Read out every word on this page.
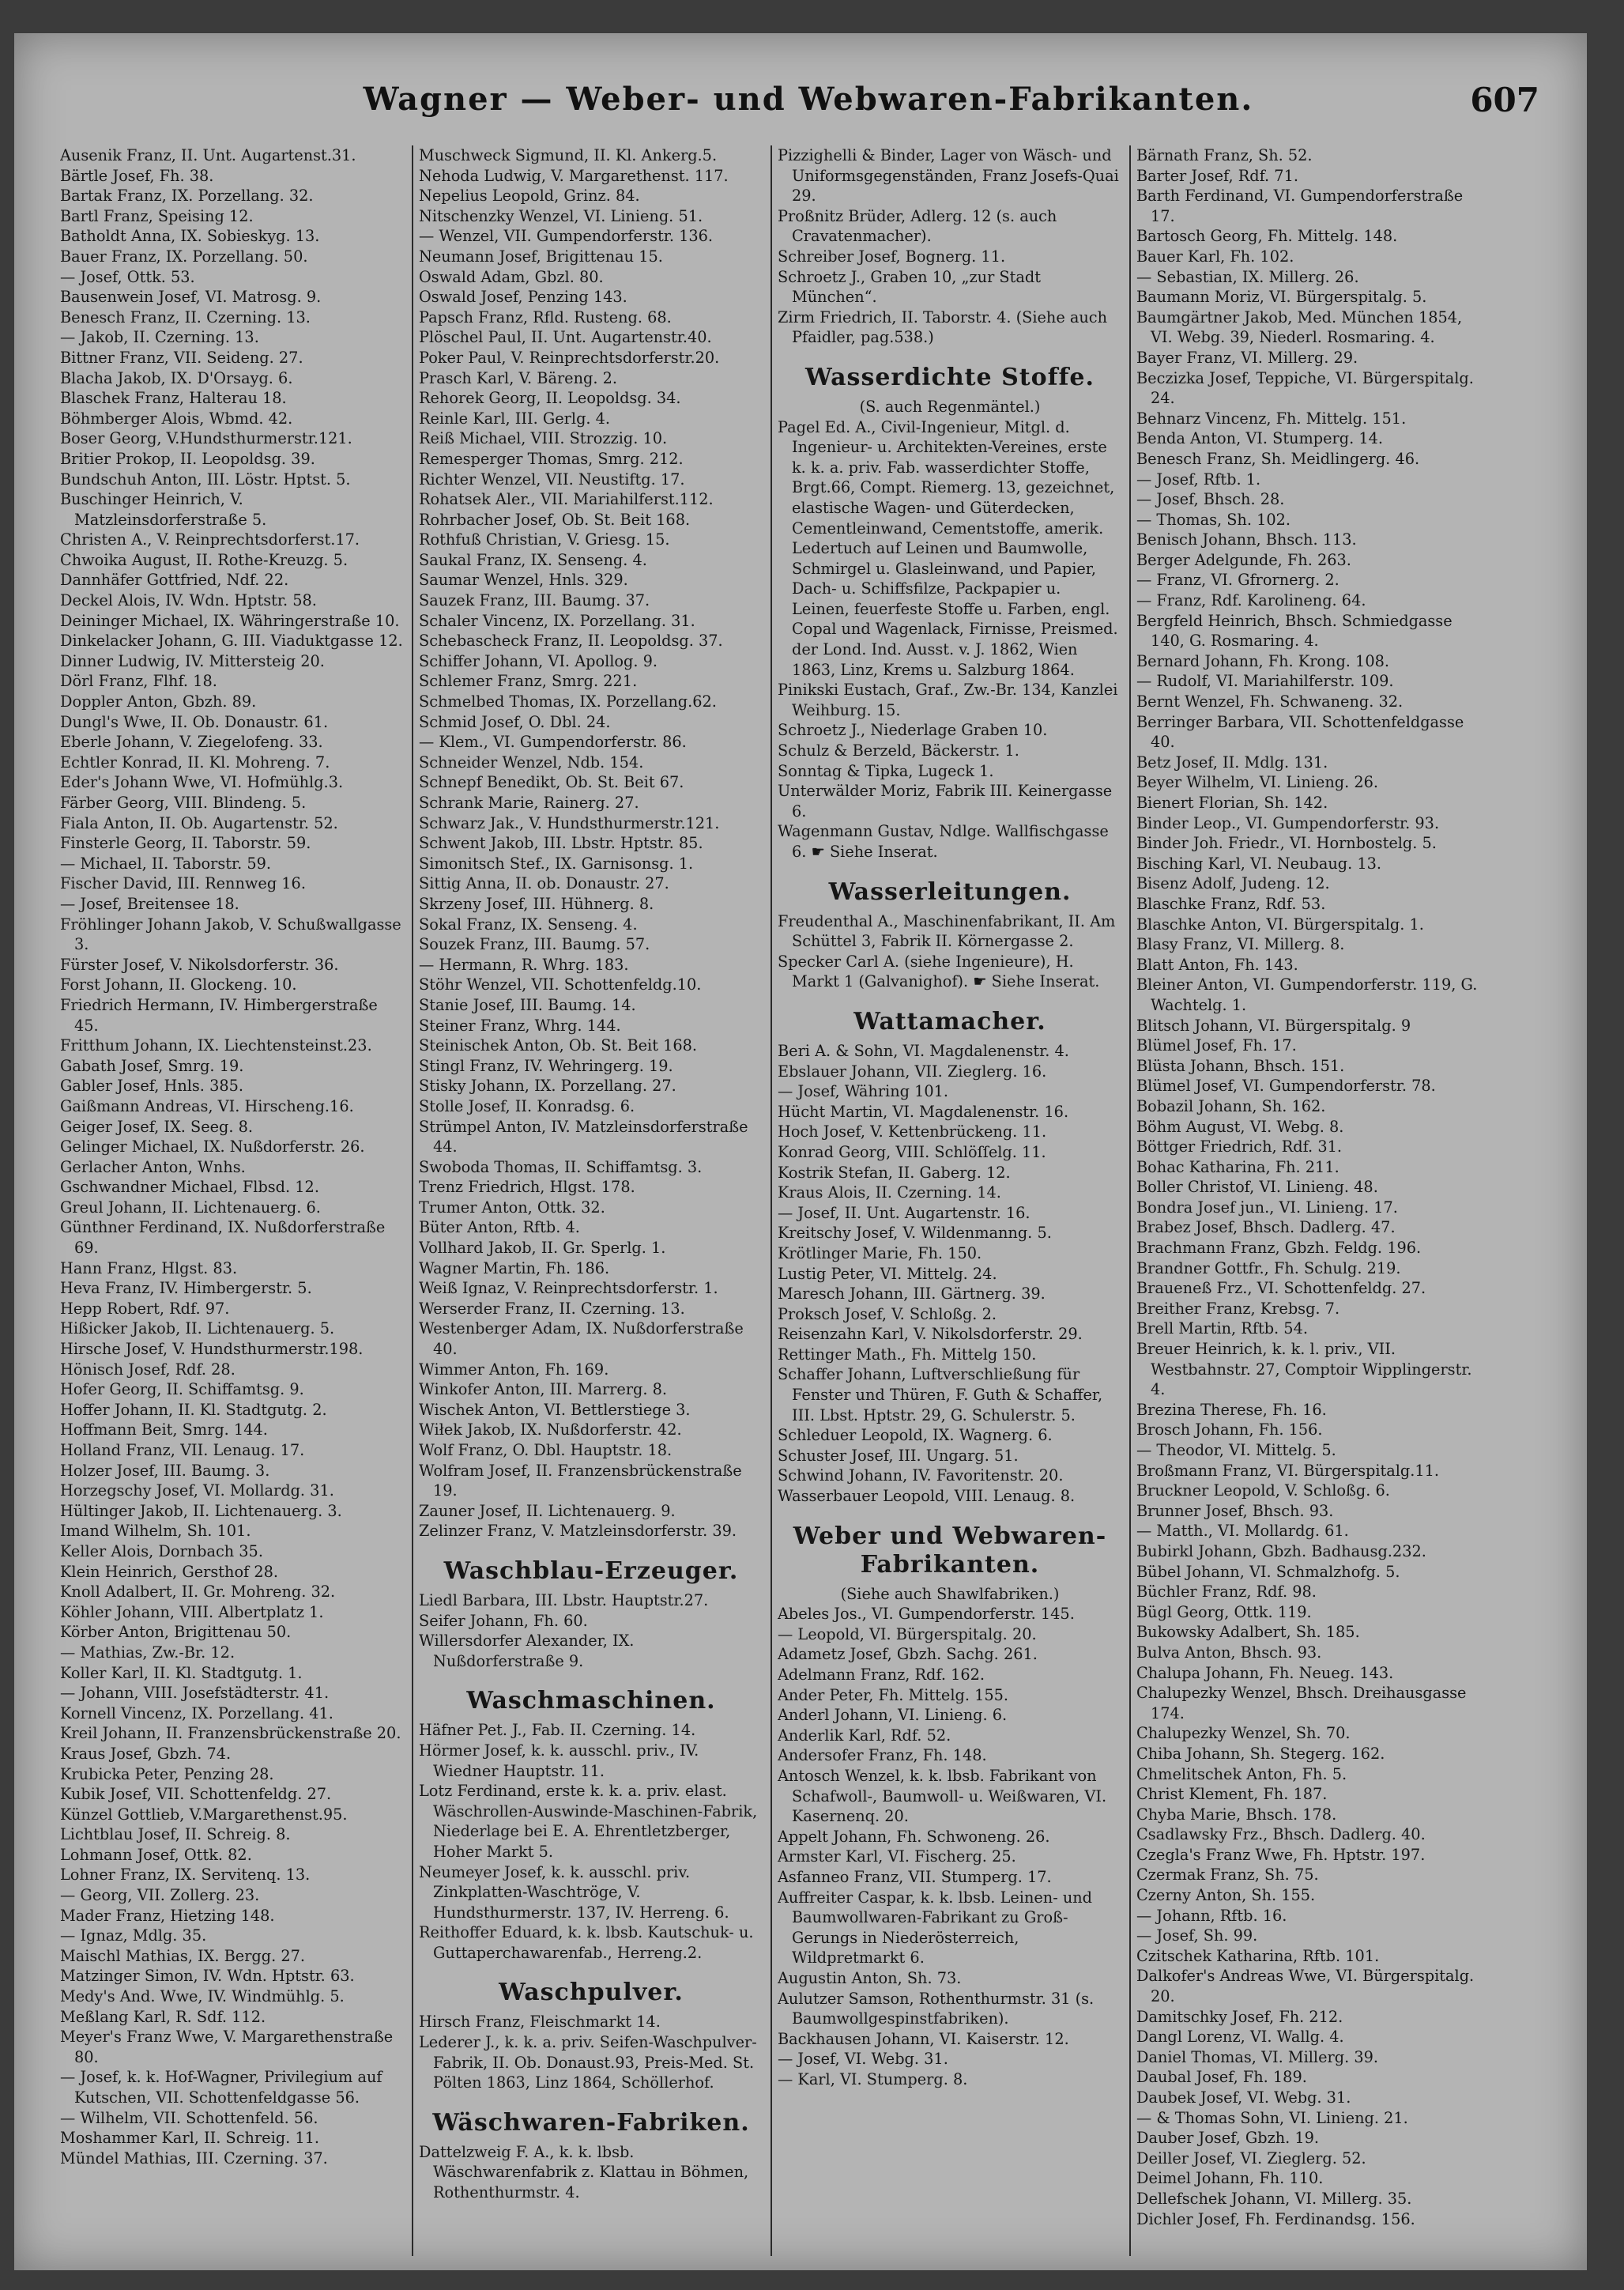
Wagner — Weber- und Webwaren-Fabrikanten.	607
Ausenik Franz, II. Unt. Augartenst.31.
Bärtle Josef, Fh. 38.
Bartak Franz, IX. Porzellang. 32.
Bartl Franz, Speising 12.
Batholdt Anna, IX. Sobieskyg. 13.
Bauer Franz, IX. Porzellang. 50.
— Josef, Ottk. 53.
Bausenwein Josef, VI. Matrosg. 9.
Benesch Franz, II. Czerning. 13.
— Jakob, II. Czerning. 13.
Bittner Franz, VII. Seideng. 27.
Blacha Jakob, IX. D'Orsayg. 6.
Blaschek Franz, Halterau 18.
Böhmberger Alois, Wbmd. 42.
Boser Georg, V.Hundsthurmerstr.121.
Britier Prokop, II. Leopoldsg. 39.
Bundschuh Anton, III. Löstr. Hptst. 5.
Buschinger Heinrich, V. Matzleinsdorferstraße 5.
Christen A., V. Reinprechtsdorferst.17.
Chwoika August, II. Rothe-Kreuzg. 5.
Dannhäfer Gottfried, Ndf. 22.
Deckel Alois, IV. Wdn. Hptstr. 58.
Deininger Michael, IX. Währingerstraße 10.
Dinkelacker Johann, G. III. Viaduktgasse 12.
Dinner Ludwig, IV. Mittersteig 20.
Dörl Franz, Flhf. 18.
Doppler Anton, Gbzh. 89.
Dungl's Wwe, II. Ob. Donaustr. 61.
Eberle Johann, V. Ziegelofeng. 33.
Echtler Konrad, II. Kl. Mohreng. 7.
Eder's Johann Wwe, VI. Hofmühlg.3.
Färber Georg, VIII. Blindeng. 5.
Fiala Anton, II. Ob. Augartenstr. 52.
Finsterle Georg, II. Taborstr. 59.
— Michael, II. Taborstr. 59.
Fischer David, III. Rennweg 16.
— Josef, Breitensee 18.
Fröhlinger Johann Jakob, V. Schußwallgasse 3.
Fürster Josef, V. Nikolsdorferstr. 36.
Forst Johann, II. Glockeng. 10.
Friedrich Hermann, IV. Himbergerstraße 45.
Fritthum Johann, IX. Liechtensteinst.23.
Gabath Josef, Smrg. 19.
Gabler Josef, Hnls. 385.
Gaißmann Andreas, VI. Hirscheng.16.
Geiger Josef, IX. Seeg. 8.
Gelinger Michael, IX. Nußdorferstr. 26.
Gerlacher Anton, Wnhs.
Gschwandner Michael, Flbsd. 12.
Greul Johann, II. Lichtenauerg. 6.
Günthner Ferdinand, IX. Nußdorferstraße 69.
Hann Franz, Hlgst. 83.
Heva Franz, IV. Himbergerstr. 5.
Hepp Robert, Rdf. 97.
Hißicker Jakob, II. Lichtenauerg. 5.
Hirsche Josef, V. Hundsthurmerstr.198.
Hönisch Josef, Rdf. 28.
Hofer Georg, II. Schiffamtsg. 9.
Hoffer Johann, II. Kl. Stadtgutg. 2.
Hoffmann Beit, Smrg. 144.
Holland Franz, VII. Lenaug. 17.
Holzer Josef, III. Baumg. 3.
Horzegschy Josef, VI. Mollardg. 31.
Hültinger Jakob, II. Lichtenauerg. 3.
Imand Wilhelm, Sh. 101.
Keller Alois, Dornbach 35.
Klein Heinrich, Gersthof 28.
Knoll Adalbert, II. Gr. Mohreng. 32.
Köhler Johann, VIII. Albertplatz 1.
Körber Anton, Brigittenau 50.
— Mathias, Zw.-Br. 12.
Koller Karl, II. Kl. Stadtgutg. 1.
— Johann, VIII. Josefstädterstr. 41.
Kornell Vincenz, IX. Porzellang. 41.
Kreil Johann, II. Franzensbrückenstraße 20.
Kraus Josef, Gbzh. 74.
Krubicka Peter, Penzing 28.
Kubik Josef, VII. Schottenfeldg. 27.
Künzel Gottlieb, V.Margarethenst.95.
Lichtblau Josef, II. Schreig. 8.
Lohmann Josef, Ottk. 82.
Lohner Franz, IX. Servitenq. 13.
— Georg, VII. Zollerg. 23.
Mader Franz, Hietzing 148.
— Ignaz, Mdlg. 35.
Maischl Mathias, IX. Bergg. 27.
Matzinger Simon, IV. Wdn. Hptstr. 63.
Medy's And. Wwe, IV. Windmühlg. 5.
Meßlang Karl, R. Sdf. 112.
Meyer's Franz Wwe, V. Margarethenstraße 80.
— Josef, k. k. Hof-Wagner, Privilegium auf Kutschen, VII. Schottenfeldgasse 56.
— Wilhelm, VII. Schottenfeld. 56.
Moshammer Karl, II. Schreig. 11.
Mündel Mathias, III. Czerning. 37.
Muschweck Sigmund, II. Kl. Ankerg.5.
Nehoda Ludwig, V. Margarethenst. 117.
Nepelius Leopold, Grinz. 84.
Nitschenzky Wenzel, VI. Linieng. 51.
— Wenzel, VII. Gumpendorferstr. 136.
Neumann Josef, Brigittenau 15.
Oswald Adam, Gbzl. 80.
Oswald Josef, Penzing 143.
Papsch Franz, Rfld. Rusteng. 68.
Plöschel Paul, II. Unt. Augartenstr.40.
Poker Paul, V. Reinprechtsdorferstr.20.
Prasch Karl, V. Bäreng. 2.
Rehorek Georg, II. Leopoldsg. 34.
Reinle Karl, III. Gerlg. 4.
Reiß Michael, VIII. Strozzig. 10.
Remesperger Thomas, Smrg. 212.
Richter Wenzel, VII. Neustiftg. 17.
Rohatsek Aler., VII. Mariahilferst.112.
Rohrbacher Josef, Ob. St. Beit 168.
Rothfuß Christian, V. Griesg. 15.
Saukal Franz, IX. Senseng. 4.
Saumar Wenzel, Hnls. 329.
Sauzek Franz, III. Baumg. 37.
Schaler Vincenz, IX. Porzellang. 31.
Schebascheck Franz, II. Leopoldsg. 37.
Schiffer Johann, VI. Apollog. 9.
Schlemer Franz, Smrg. 221.
Schmelbed Thomas, IX. Porzellang.62.
Schmid Josef, O. Dbl. 24.
— Klem., VI. Gumpendorferstr. 86.
Schneider Wenzel, Ndb. 154.
Schnepf Benedikt, Ob. St. Beit 67.
Schrank Marie, Rainerg. 27.
Schwarz Jak., V. Hundsthurmerstr.121.
Schwent Jakob, III. Lbstr. Hptstr. 85.
Simonitsch Stef., IX. Garnisonsg. 1.
Sittig Anna, II. ob. Donaustr. 27.
Skrzeny Josef, III. Hühnerg. 8.
Sokal Franz, IX. Senseng. 4.
Souzek Franz, III. Baumg. 57.
— Hermann, R. Whrg. 183.
Stöhr Wenzel, VII. Schottenfeldg.10.
Stanie Josef, III. Baumg. 14.
Steiner Franz, Whrg. 144.
Steinischek Anton, Ob. St. Beit 168.
Stingl Franz, IV. Wehringerg. 19.
Stisky Johann, IX. Porzellang. 27.
Stolle Josef, II. Konradsg. 6.
Strümpel Anton, IV. Matzleinsdorferstraße 44.
Swoboda Thomas, II. Schiffamtsg. 3.
Trenz Friedrich, Hlgst. 178.
Trumer Anton, Ottk. 32.
Büter Anton, Rftb. 4.
Vollhard Jakob, II. Gr. Sperlg. 1.
Wagner Martin, Fh. 186.
Weiß Ignaz, V. Reinprechtsdorferstr. 1.
Werserder Franz, II. Czerning. 13.
Westenberger Adam, IX. Nußdorferstraße 40.
Wimmer Anton, Fh. 169.
Winkofer Anton, III. Marrerg. 8.
Wischek Anton, VI. Bettlerstiege 3.
Wiłek Jakob, IX. Nußdorferstr. 42.
Wolf Franz, O. Dbl. Hauptstr. 18.
Wolfram Josef, II. Franzensbrückenstraße 19.
Zauner Josef, II. Lichtenauerg. 9.
Zelinzer Franz, V. Matzleinsdorferstr. 39.
Waschblau-Erzeuger.
Liedl Barbara, III. Lbstr. Hauptstr.27.
Seifer Johann, Fh. 60.
Willersdorfer Alexander, IX. Nußdorferstraße 9.
Waschmaschinen.
Häfner Pet. J., Fab. II. Czerning. 14.
Hörmer Josef, k. k. ausschl. priv., IV. Wiedner Hauptstr. 11.
Lotz Ferdinand, erste k. k. a. priv. elast. Wäschrollen-Auswinde-Maschinen-Fabrik, Niederlage bei E. A. Ehrentletzberger, Hoher Markt 5.
Neumeyer Josef, k. k. ausschl. priv. Zinkplatten-Waschtröge, V. Hundsthurmerstr. 137, IV. Herreng. 6.
Reithoffer Eduard, k. k. lbsb. Kautschuk- u. Guttaperchawarenfab., Herreng.2.
Waschpulver.
Hirsch Franz, Fleischmarkt 14.
Lederer J., k. k. a. priv. Seifen-Waschpulver-Fabrik, II. Ob. Donaust.93, Preis-Med. St. Pölten 1863, Linz 1864, Schöllerhof.
Wäschwaren-Fabriken.
Dattelzweig F. A., k. k. lbsb. Wäschwarenfabrik z. Klattau in Böhmen, Rothenthurmstr. 4.
Pizzighelli & Binder, Lager von Wäsch- und Uniformsgegenständen, Franz Josefs-Quai 29.
Proßnitz Brüder, Adlerg. 12 (s. auch Cravatenmacher).
Schreiber Josef, Bognerg. 11.
Schroetz J., Graben 10, „zur Stadt München“.
Zirm Friedrich, II. Taborstr. 4. (Siehe auch Pfaidler, pag.538.)
Wasserdichte Stoffe.
(S. auch Regenmäntel.)
Pagel Ed. A., Civil-Ingenieur, Mitgl. d. Ingenieur- u. Architekten-Vereines, erste k. k. a. priv. Fab. wasserdichter Stoffe, Brgt.66, Compt. Riemerg. 13, gezeichnet, elastische Wagen- und Güterdecken, Cementleinwand, Cementstoffe, amerik. Ledertuch auf Leinen und Baumwolle, Schmirgel u. Glasleinwand, und Papier, Dach- u. Schiffsfilze, Packpapier u. Leinen, feuerfeste Stoffe u. Farben, engl. Copal und Wagenlack, Firnisse, Preismed. der Lond. Ind. Ausst. v. J. 1862, Wien 1863, Linz, Krems u. Salzburg 1864.
Pinikski Eustach, Graf., Zw.-Br. 134, Kanzlei Weihburg. 15.
Schroetz J., Niederlage Graben 10.
Schulz & Berzeld, Bäckerstr. 1.
Sonntag & Tipka, Lugeck 1.
Unterwälder Moriz, Fabrik III. Keinergasse 6.
Wagenmann Gustav, Ndlge. Wallfischgasse 6. ☛ Siehe Inserat.
Wasserleitungen.
Freudenthal A., Maschinenfabrikant, II. Am Schüttel 3, Fabrik II. Körnergasse 2.
Specker Carl A. (siehe Ingenieure), H. Markt 1 (Galvanighof). ☛ Siehe Inserat.
Wattamacher.
Beri A. & Sohn, VI. Magdalenenstr. 4.
Ebslauer Johann, VII. Zieglerg. 16.
— Josef, Währing 101.
Hücht Martin, VI. Magdalenenstr. 16.
Hoch Josef, V. Kettenbrückeng. 11.
Konrad Georg, VIII. Schlöſſelg. 11.
Kostrik Stefan, II. Gaberg. 12.
Kraus Alois, II. Czerning. 14.
— Josef, II. Unt. Augartenstr. 16.
Kreitschy Josef, V. Wildenmanng. 5.
Krötlinger Marie, Fh. 150.
Lustig Peter, VI. Mittelg. 24.
Maresch Johann, III. Gärtnerg. 39.
Proksch Josef, V. Schloßg. 2.
Reisenzahn Karl, V. Nikolsdorferstr. 29.
Rettinger Math., Fh. Mittelg 150.
Schaffer Johann, Luftverschließung für Fenster und Thüren, F. Guth & Schaffer, III. Lbst. Hptstr. 29, G. Schulerstr. 5.
Schleduer Leopold, IX. Wagnerg. 6.
Schuster Josef, III. Ungarg. 51.
Schwind Johann, IV. Favoritenstr. 20.
Wasserbauer Leopold, VIII. Lenaug. 8.
Weber und Webwaren-Fabrikanten.
(Siehe auch Shawlfabriken.)
Abeles Jos., VI. Gumpendorferstr. 145.
— Leopold, VI. Bürgerspitalg. 20.
Adametz Josef, Gbzh. Sachg. 261.
Adelmann Franz, Rdf. 162.
Ander Peter, Fh. Mittelg. 155.
Anderl Johann, VI. Linieng. 6.
Anderlik Karl, Rdf. 52.
Andersofer Franz, Fh. 148.
Antosch Wenzel, k. k. lbsb. Fabrikant von Schafwoll-, Baumwoll- u. Weißwaren, VI. Kasernenq. 20.
Appelt Johann, Fh. Schwoneng. 26.
Armster Karl, VI. Fischerg. 25.
Asfanneo Franz, VII. Stumperg. 17.
Auffreiter Caspar, k. k. lbsb. Leinen- und Baumwollwaren-Fabrikant zu Groß-Gerungs in Niederösterreich, Wildpretmarkt 6.
Augustin Anton, Sh. 73.
Aulutzer Samson, Rothenthurmstr. 31 (s. Baumwollgespinstfabriken).
Backhausen Johann, VI. Kaiserstr. 12.
— Josef, VI. Webg. 31.
— Karl, VI. Stumperg. 8.
Bärnath Franz, Sh. 52.
Barter Josef, Rdf. 71.
Barth Ferdinand, VI. Gumpendorferstraße 17.
Bartosch Georg, Fh. Mittelg. 148.
Bauer Karl, Fh. 102.
— Sebastian, IX. Millerg. 26.
Baumann Moriz, VI. Bürgerspitalg. 5.
Baumgärtner Jakob, Med. München 1854, VI. Webg. 39, Niederl. Rosmaring. 4.
Bayer Franz, VI. Millerg. 29.
Beczizka Josef, Teppiche, VI. Bürgerspitalg. 24.
Behnarz Vincenz, Fh. Mittelg. 151.
Benda Anton, VI. Stumperg. 14.
Benesch Franz, Sh. Meidlingerg. 46.
— Josef, Rftb. 1.
— Josef, Bhsch. 28.
— Thomas, Sh. 102.
Benisch Johann, Bhsch. 113.
Berger Adelgunde, Fh. 263.
— Franz, VI. Gfrornerg. 2.
— Franz, Rdf. Karolineng. 64.
Bergfeld Heinrich, Bhsch. Schmiedgasse 140, G. Rosmaring. 4.
Bernard Johann, Fh. Krong. 108.
— Rudolf, VI. Mariahilferstr. 109.
Bernt Wenzel, Fh. Schwaneng. 32.
Berringer Barbara, VII. Schottenfeldgasse 40.
Betz Josef, II. Mdlg. 131.
Beyer Wilhelm, VI. Linieng. 26.
Bienert Florian, Sh. 142.
Binder Leop., VI. Gumpendorferstr. 93.
Binder Joh. Friedr., VI. Hornbostelg. 5.
Bisching Karl, VI. Neubaug. 13.
Bisenz Adolf, Judeng. 12.
Blaschke Franz, Rdf. 53.
Blaschke Anton, VI. Bürgerspitalg. 1.
Blasy Franz, VI. Millerg. 8.
Blatt Anton, Fh. 143.
Bleiner Anton, VI. Gumpendorferstr. 119, G. Wachtelg. 1.
Blitsch Johann, VI. Bürgerspitalg. 9
Blümel Josef, Fh. 17.
Blüsta Johann, Bhsch. 151.
Blümel Josef, VI. Gumpendorferstr. 78.
Bobazil Johann, Sh. 162.
Böhm August, VI. Webg. 8.
Böttger Friedrich, Rdf. 31.
Bohac Katharina, Fh. 211.
Boller Christof, VI. Linieng. 48.
Bondra Josef jun., VI. Linieng. 17.
Brabez Josef, Bhsch. Dadlerg. 47.
Brachmann Franz, Gbzh. Feldg. 196.
Brandner Gottfr., Fh. Schulg. 219.
Braueneß Frz., VI. Schottenfeldg. 27.
Breither Franz, Krebsg. 7.
Brell Martin, Rftb. 54.
Breuer Heinrich, k. k. l. priv., VII. Westbahnstr. 27, Comptoir Wipplingerstr. 4.
Brezina Therese, Fh. 16.
Brosch Johann, Fh. 156.
— Theodor, VI. Mittelg. 5.
Broßmann Franz, VI. Bürgerspitalg.11.
Bruckner Leopold, V. Schloßg. 6.
Brunner Josef, Bhsch. 93.
— Matth., VI. Mollardg. 61.
Bubirkl Johann, Gbzh. Badhausg.232.
Bübel Johann, VI. Schmalzhofg. 5.
Büchler Franz, Rdf. 98.
Bügl Georg, Ottk. 119.
Bukowsky Adalbert, Sh. 185.
Bulva Anton, Bhsch. 93.
Chalupa Johann, Fh. Neueg. 143.
Chalupezky Wenzel, Bhsch. Dreihausgasse 174.
Chalupezky Wenzel, Sh. 70.
Chiba Johann, Sh. Stegerg. 162.
Chmelitschek Anton, Fh. 5.
Christ Klement, Fh. 187.
Chyba Marie, Bhsch. 178.
Csadlawsky Frz., Bhsch. Dadlerg. 40.
Czegla's Franz Wwe, Fh. Hptstr. 197.
Czermak Franz, Sh. 75.
Czerny Anton, Sh. 155.
— Johann, Rftb. 16.
— Josef, Sh. 99.
Czitschek Katharina, Rftb. 101.
Dalkofer's Andreas Wwe, VI. Bürgerspitalg. 20.
Damitschky Josef, Fh. 212.
Dangl Lorenz, VI. Wallg. 4.
Daniel Thomas, VI. Millerg. 39.
Daubal Josef, Fh. 189.
Daubek Josef, VI. Webg. 31.
— & Thomas Sohn, VI. Linieng. 21.
Dauber Josef, Gbzh. 19.
Deiller Josef, VI. Zieglerg. 52.
Deimel Johann, Fh. 110.
Dellefschek Johann, VI. Millerg. 35.
Dichler Josef, Fh. Ferdinandsg. 156.
